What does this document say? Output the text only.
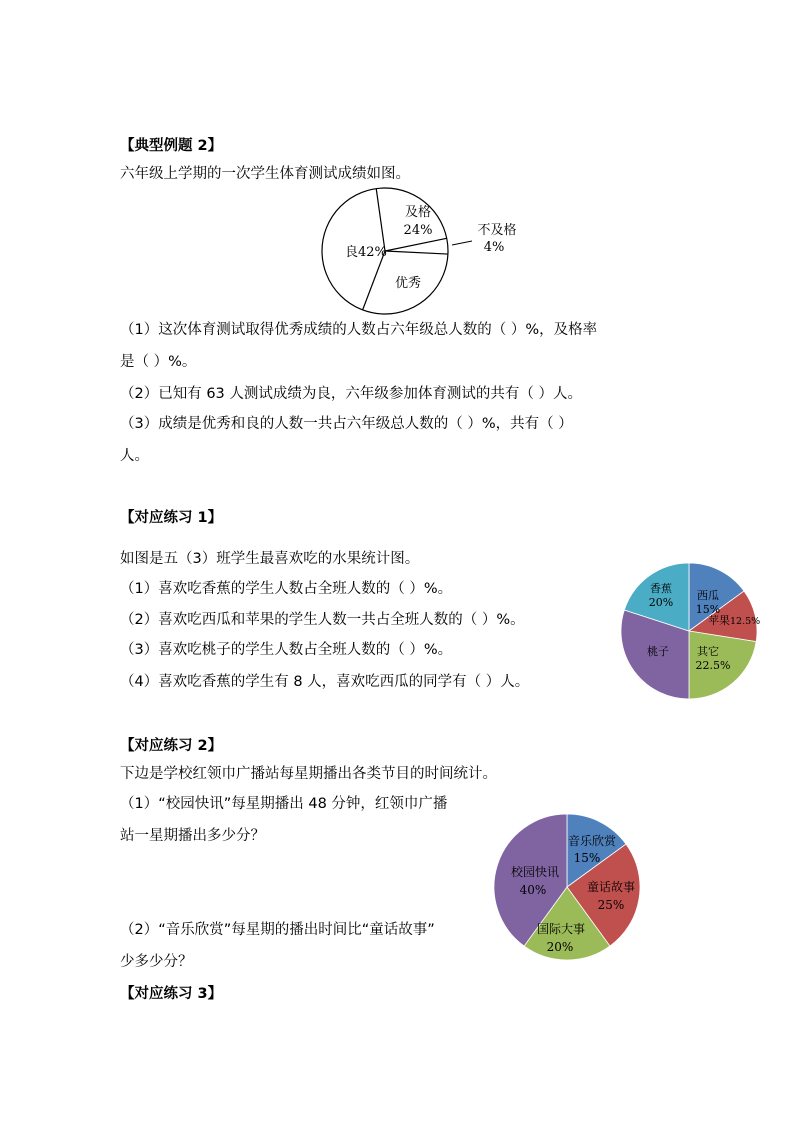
【典型例题 2】
六年级上学期的一次学生体育测试成绩如图。
及格
24%	不及格
4%
优秀
良42%
西瓜
15%
苹果12.5%
其它
22.5%
桃子
香蕉
20%
音乐欣赏
15%
童话故事
25%
国际大事
20%
校园快讯
40%
（1）这次体育测试取得优秀成绩的人数占六年级总人数的（ ）%，及格率
是（ ）%。
（2）已知有 63 人测试成绩为良，六年级参加体育测试的共有（ ）人。
（3）成绩是优秀和良的人数一共占六年级总人数的（ ）%，共有（ ）
人。
【对应练习 1】
如图是五（3）班学生最喜欢吃的水果统计图。
（1）喜欢吃香蕉的学生人数占全班人数的（ ）%。
（2）喜欢吃西瓜和苹果的学生人数一共占全班人数的（ ）%。
（3）喜欢吃桃子的学生人数占全班人数的（ ）%。
（4）喜欢吃香蕉的学生有 8 人，喜欢吃西瓜的同学有（ ）人。
【对应练习 2】
下边是学校红领巾广播站每星期播出各类节目的时间统计。
（1）“校园快讯”每星期播出 48 分钟，红领巾广播
站一星期播出多少分？
（2）“音乐欣赏”每星期的播出时间比“童话故事”
少多少分？
【对应练习 3】
